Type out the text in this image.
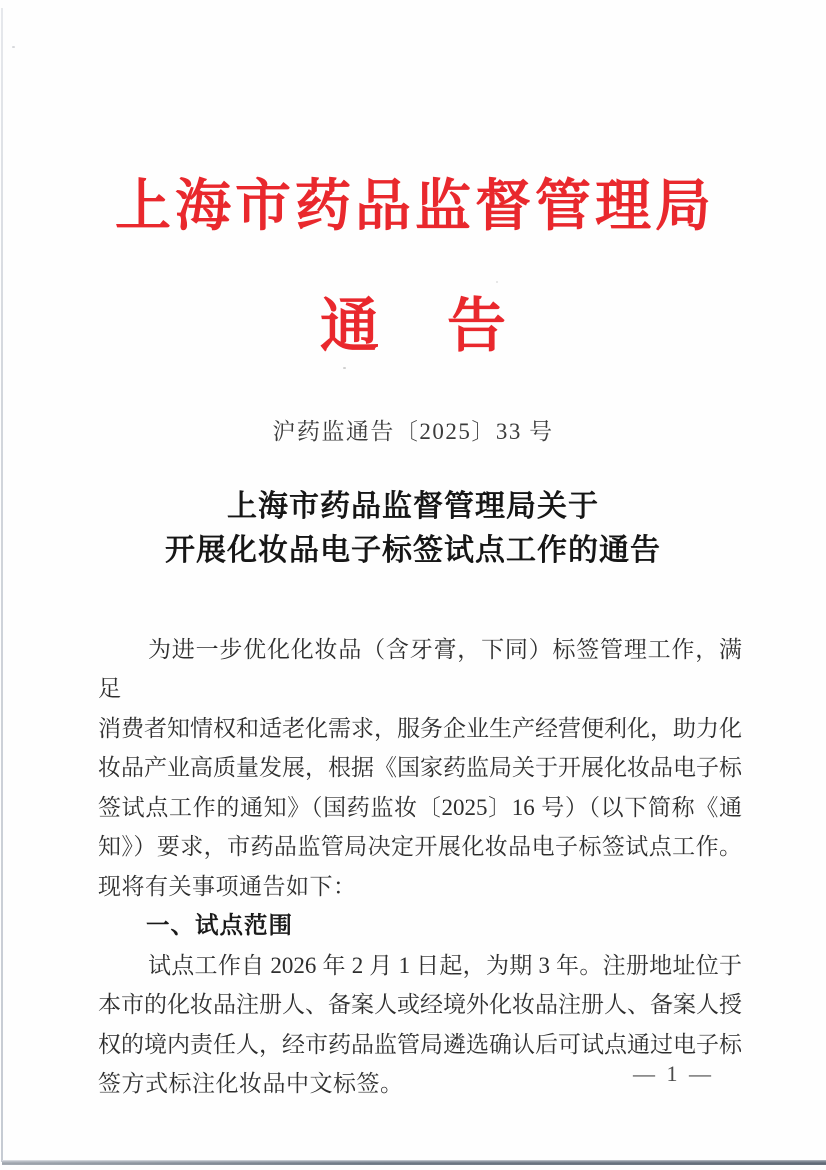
上海市药品监督管理局
通 告
沪药监通告〔2025〕33 号
上海市药品监督管理局关于
开展化妆品电子标签试点工作的通告
为进一步优化化妆品（含牙膏，下同）标签管理工作，满足
消费者知情权和适老化需求，服务企业生产经营便利化，助力化
妆品产业高质量发展，根据《国家药监局关于开展化妆品电子标
签试点工作的通知》（国药监妆〔2025〕16 号）（以下简称《通
知》）要求，市药品监管局决定开展化妆品电子标签试点工作。
现将有关事项通告如下：
一、试点范围
试点工作自 2026 年 2 月 1 日起，为期 3 年。注册地址位于
本市的化妆品注册人、备案人或经境外化妆品注册人、备案人授
权的境内责任人，经市药品监管局遴选确认后可试点通过电子标
签方式标注化妆品中文标签。	— 1 —
